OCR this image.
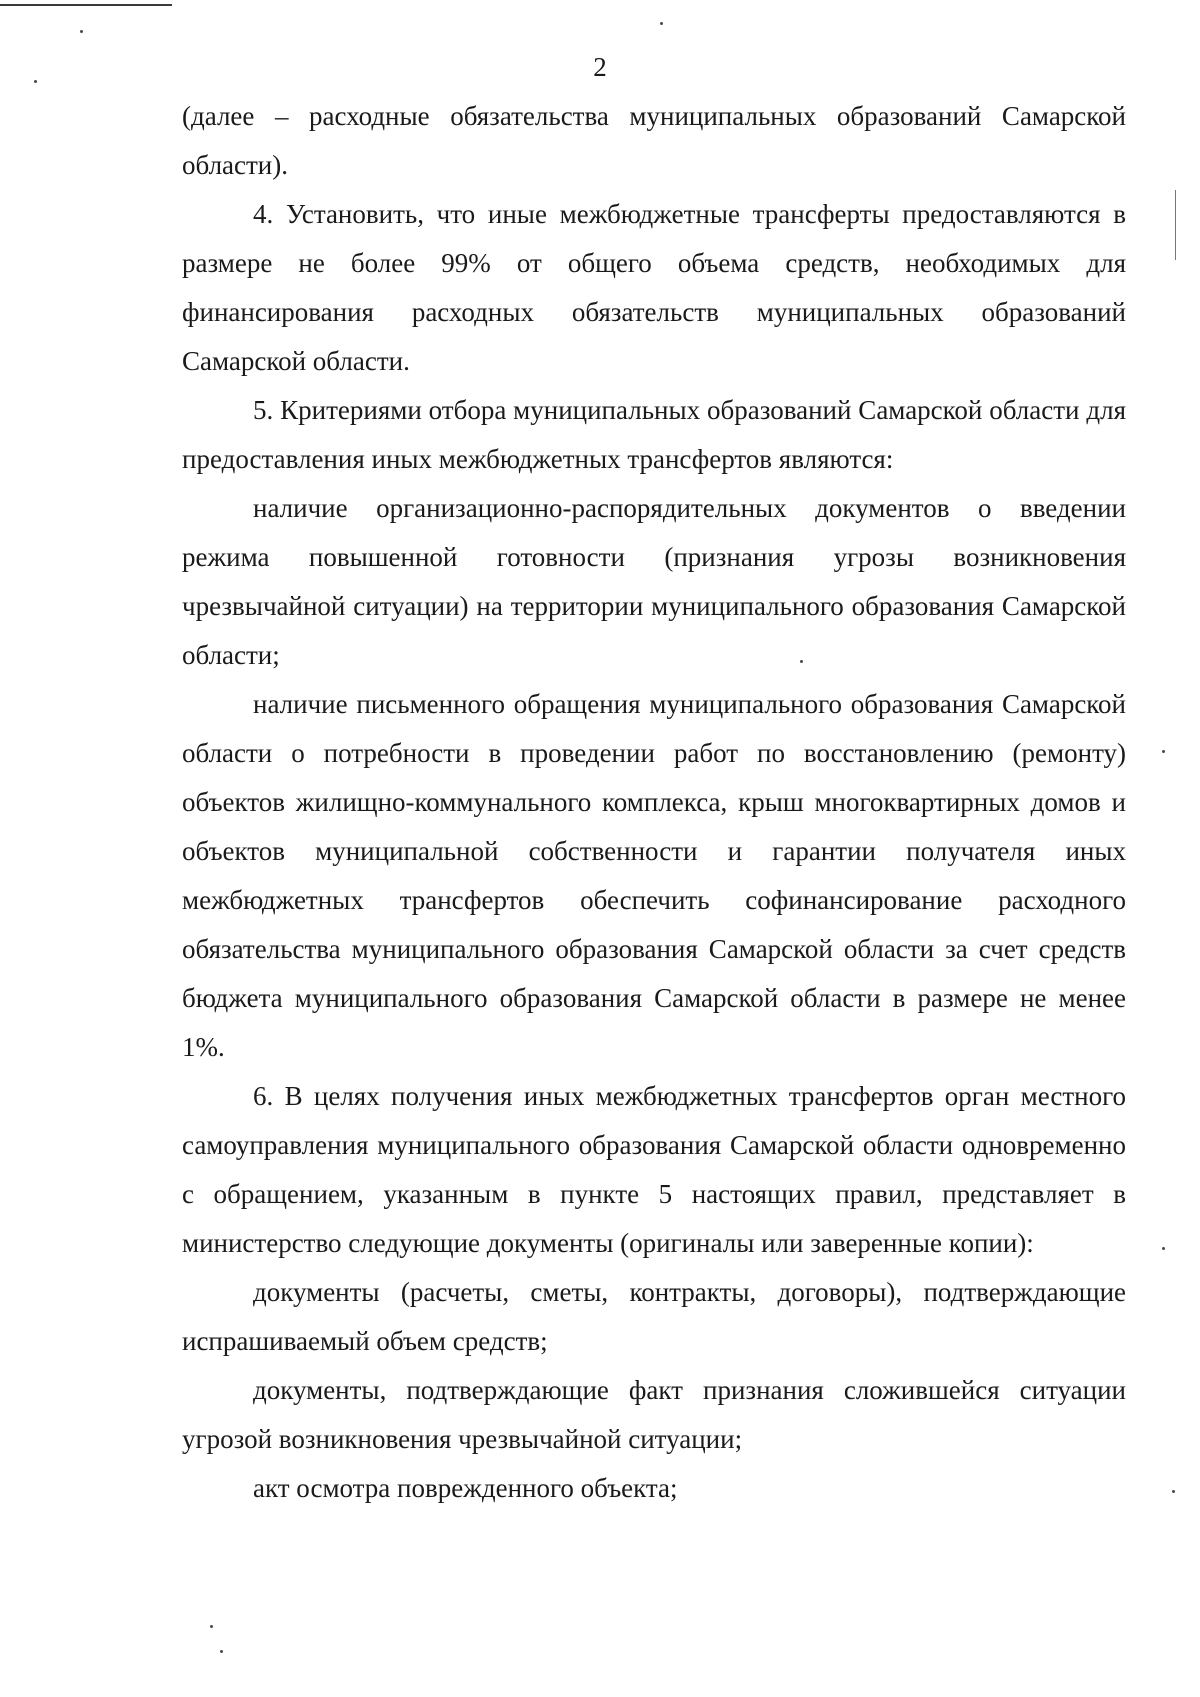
2

(далее – расходные обязательства муниципальных образований Самарской области).

4. Установить, что иные межбюджетные трансферты предоставляются в размере не более 99% от общего объема средств, необходимых для финансирования расходных обязательств муниципальных образований Самарской области.

5. Критериями отбора муниципальных образований Самарской области для предоставления иных межбюджетных трансфертов являются:

наличие организационно-распорядительных документов о введении режима повышенной готовности (признания угрозы возникновения чрезвычайной ситуации) на территории муниципального образования Самарской области;

наличие письменного обращения муниципального образования Самарской области о потребности в проведении работ по восстановлению (ремонту) объектов жилищно-коммунального комплекса, крыш многоквартирных домов и объектов муниципальной собственности и гарантии получателя иных межбюджетных трансфертов обеспечить софинансирование расходного обязательства муниципального образования Самарской области за счет средств бюджета муниципального образования Самарской области в размере не менее 1%.

6. В целях получения иных межбюджетных трансфертов орган местного самоуправления муниципального образования Самарской области одновременно с обращением, указанным в пункте 5 настоящих правил, представляет в министерство следующие документы (оригиналы или заверенные копии):

документы (расчеты, сметы, контракты, договоры), подтверждающие испрашиваемый объем средств;

документы, подтверждающие факт признания сложившейся ситуации угрозой возникновения чрезвычайной ситуации;

акт осмотра поврежденного объекта;
